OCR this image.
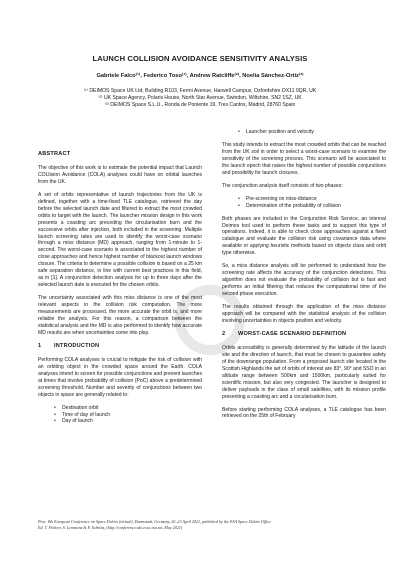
LAUNCH COLLISION AVOIDANCE SENSITIVITY ANALYSIS
Gabriele Falco⁽¹⁾, Federico Toso⁽¹⁾, Andrew Ratcliffe⁽²⁾, Noelia Sánchez-Ortiz⁽³⁾
⁽¹⁾ DEIMOS Space UK Ltd, Building R103, Fermi Avenue, Harwell Campus, Oxfordshire OX11 0QR, UK
⁽²⁾ UK Space Agency, Polaris House, North Star Avenue, Swindon, Wiltshire, SN2 1SZ, UK
⁽³⁾ DEIMOS Space S.L.U., Ronda de Poniente 19, Tres Cantos, Madrid, 28760 Spain
ABSTRACT

The objective of this work is to estimate the potential impact that Launch COLlision Avoidance (COLA) analyses could have on orbital launches from the UK.

A set of orbits representative of launch trajectories from the UK is defined, together with a time-fixed TLE catalogue, retrieved the day before the selected launch date and filtered to extract the most crowded orbits to target with the launch. The launcher mission design in this work presents a coasting arc preceding the circularisation burn and the successive orbits after injection, both included in the screening. Multiple launch screening rates are used to identify the worst-case scenario through a miss distance (MD) approach, ranging from 1-minute to 1-second. The worst-case scenario is associated to the highest number of close approaches and hence highest number of blackout launch windows closure. The criteria to determine a possible collision is based on a 25 km safe separation distance, in line with current best practices in this field, as in [1]. A conjunction detection analysis for up to three days after the selected launch date is executed for the chosen orbits.

The uncertainty associated with this miss distance is one of the most relevant aspects in the collision risk computation. The more measurements are processed, the more accurate the orbit is, and more reliable the analysis. For this reason, a comparison between the statistical analysis and the MD is also performed to identify how accurate MD results are when uncertainties come into play.

1 INTRODUCTION

Performing COLA analyses is crucial to mitigate the risk of collision with an orbiting object in the crowded space around the Earth. COLA analyses intend to screen for possible conjunctions and prevent launches at times that involve probability of collision (PoC) above a predetermined screening threshold. Number and severity of conjunctions between two objects in space are generally related to:

• Destination orbit
• Time of day of launch
• Day of launch
• Launcher position and velocity

This study intends to extract the most crowded orbits that can be reached from the UK soil in order to select a worst-case scenario to examine the sensitivity of the screening process. This scenario will be associated to the launch epoch that raises the highest number of possible conjunctions and possibility for launch closures.

The conjunction analysis itself consists of two phases:

• Pre-screening on miss-distance
• Determination of the probability of collision

Both phases are included in the Conjunction Risk Service, an internal Deimos tool used to perform these tasks and to support this type of operations. Indeed, it is able to check close approaches against a fixed catalogue and evaluate the collision risk using covariance data where available or applying heuristic methods based on objects class and orbit type otherwise.

So, a miss distance analysis will be performed to understand how the screening rate affects the accuracy of the conjunction detections. This algorithm does not evaluate the probability of collision but is fast and performs an initial filtering that reduces the computational time of the second phase execution.

The results obtained through the application of the miss distance approach will be compared with the statistical analysis of the collision involving uncertainties in objects position and velocity.

2 WORST-CASE SCENARIO DEFINITION

Orbits accessibility is generally determined by the latitude of the launch site and the direction of launch, that must be chosen to guarantee safety of the downrange population. From a proposed launch site located in the Scottish Highlands the set of orbits of interest are 83°, 90° and SSO in an altitude range between 500km and 1500km, particularly suited for scientific mission, but also very congested. The launcher is designed to deliver payloads in the class of small satellites, with its mission profile presenting a coasting arc and a circularisation burn.

Before starting performing COLA analyses, a TLE catalogue has been retrieved on the 25th of February

Proc. 8th European Conference on Space Debris (virtual), Darmstadt, Germany, 20–23 April 2021, published by the ESA Space Debris Office
Ed. T. Flohrer, S. Lemmens & F. Schmitz, (http://conference.sdo.esoc.esa.int, May 2021)
